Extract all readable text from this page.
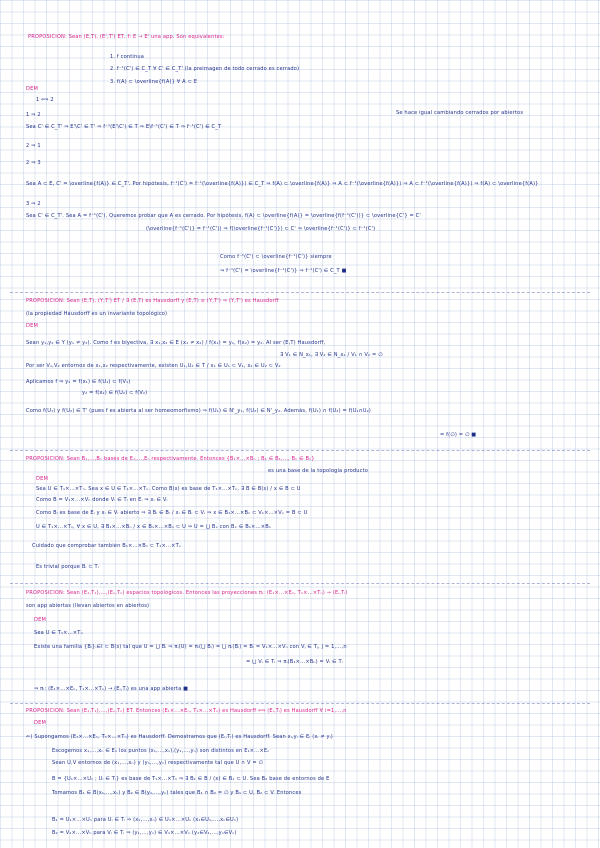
PROPOSICIÓN: Sean (E,T), (E',T') ET, f: E → E' una app. Son equivalentes:
1. f continua
2. f⁻¹(C') ∈ C_T ∀ C' ∈ C_T' (la preimagen de todo cerrado es cerrado)
3. f(Ā) ⊂ \overline{f(A)} ∀ A ⊂ E
DEM
1 ⟺ 2
1 ⇒ 2
Sea C' ∈ C_T' ⇒ E'\C' ∈ T' ⇒ f⁻¹(E'\C') ∈ T ⇒ E\f⁻¹(C') ∈ T ⇒ f⁻¹(C') ∈ C_T
2 ⇒ 1
Se hace igual cambiando cerrados por abiertos
2 ⇒ 3
Sea A ⊂ E, C' = \overline{f(A)} ∈ C_T'. Por hipótesis, f⁻¹(C') = f⁻¹(\overline{f(A)}) ∈ C_T ⇒ f(A) ⊂ \overline{f(A)} ⇒ A ⊂ f⁻¹(\overline{f(A)}) ⇒ Ā ⊂ f⁻¹(\overline{f(A)}) ⇒ f(Ā) ⊂ \overline{f(A)}
3 ⇒ 2
Sea C' ∈ C_T'. Sea A = f⁻¹(C'). Queremos probar que A es cerrado. Por hipótesis, f(Ā) ⊂ \overline{f(A)} = \overline{f(f⁻¹(C'))} ⊂ \overline{C'} = C'
(\overline{f⁻¹(C')} = f⁻¹(C')) ⇒ f(\overline{f⁻¹(C')}) ⊂ C' ⇒ \overline{f⁻¹(C')} ⊂ f⁻¹(C')
Como f⁻¹(C') ⊂ \overline{f⁻¹(C')} siempre
⇒ f⁻¹(C') = \overline{f⁻¹(C')} ⇒ f⁻¹(C') ∈ C_T ■
PROPOSICIÓN: Sean (E,T), (Y,T') ET / ∃ (E,T) es Hausdorff y (E,T) ≅ (Y,T') ⇒ (Y,T') es Hausdorff
(la propiedad Hausdorff es un invariante topológico)
DEM
Sean y₁,y₂ ∈ Y (y₁ ≠ y₂). Como f es biyectiva, ∃ x₁,x₂ ∈ E (x₁ ≠ x₂) / f(x₁) = y₁, f(x₂) = y₂. Al ser (E,T) Hausdorff,
∃ V₁ ∈ N_x₁, ∃ V₂ ∈ N_x₂ / V₁ ∩ V₂ = ∅
Por ser V₁,V₂ entornos de x₁,x₂ respectivamente, existen U₁,U₂ ∈ T / x₁ ∈ U₁ ⊂ V₁, x₂ ∈ U₂ ⊂ V₂
Aplicamos f ⇒ y₁ = f(x₁) ∈ f(U₁) ⊂ f(V₁)
y₂ = f(x₂) ∈ f(U₂) ⊂ f(V₂)
Como f(U₁) y f(U₂) ∈ T' (pues f es abierta al ser homeomorfismo) ⇒ f(U₁) ∈ N'_y₁, f(U₂) ∈ N'_y₂. Además, f(U₁) ∩ f(U₂) = f(U₁∩U₂)
= f(∅) = ∅ ■
PROPOSICIÓN: Sean B₁,...,Bₙ bases de E₁,...,Eₙ respectivamente. Entonces {B₁×...×Bₙ ; B₁ ∈ B₁,..., Bₙ ∈ Bₙ}
es una base de la topología producto
DEM
Sea U ∈ T₁×...×Tₙ. Sea x ∈ U ∈ T₁×...×Tₙ. Como B(s) es base de T₁×...×Tₙ, ∃ B ∈ B(s) / x ∈ B ⊂ U
Como B = V₁×...×Vₙ donde Vᵢ ∈ Tᵢ en Eᵢ ⇒ xᵢ ∈ Vᵢ
Como Bᵢ es base de Eᵢ y xᵢ ∈ Vᵢ abierto ⇒ ∃ Bᵢ ∈ Bᵢ / xᵢ ∈ Bᵢ ⊂ Vᵢ ⇒ x ∈ B₁×...×Bₙ ⊂ V₁×...×Vₙ = B ⊂ U
U ∈ T₁×...×Tₙ, ∀ x ∈ U, ∃ B₁×...×Bₙ / x ∈ B₁×...×Bₙ ⊂ U ⇒ U = ⋃ Bₓ con Bₓ ∈ B₁×...×Bₙ
Cuidado que comprobar también B₁×...×Bₙ ⊂ T₁×...×Tₙ
Es trivial porque Bᵢ ⊂ Tᵢ
PROPOSICIÓN: Sean (E₁,T₁),...,(Eₙ,Tₙ) espacios topológicos. Entonces las proyecciones πᵢ: (E₁×...×Eₙ, T₁×...×Tₙ) → (Eᵢ,Tᵢ)
son app abiertas (llevan abiertos en abiertos)
DEM
Sea U ∈ T₁×...×Tₙ
Existe una familia {Bᵢ}ᵢ∈I ⊂ B(s) tal que U = ⋃ Bᵢ ⇒ πᵢ(U) = πᵢ(⋃ Bᵢ) = ⋃ πᵢ(Bᵢ) = Bᵢ = V₁×...×Vₙ con Vⱼ ∈ Tⱼ, j = 1,...,n
= ⋃ Vᵢ ∈ Tᵢ ⇒ πᵢ(B₁×...×Bₙ) = Vᵢ ∈ Tᵢ
⇒ πᵢ: (E₁×...×Eₙ, T₁×...×Tₙ) → (Eᵢ,Tᵢ) es una app abierta ■
PROPOSICIÓN: Sean (E₁,T₁),...,(Eₙ,Tₙ) ET. Entonces (E₁×...×Eₙ, T₁×...×Tₙ) es Hausdorff ⟺ (Eᵢ,Tᵢ) es Hausdorff ∀ i=1,...,n
DEM
⇐) Supongamos (E₁×...×Eₙ, T₁×...×Tₙ) es Hausdorff. Demostramos que (Eᵢ,Tᵢ) es Hausdorff. Sean xᵢ,yᵢ ∈ Eᵢ (xᵢ ≠ yᵢ)
Escogemos x₁,...,xₙ ∈ E₁ los puntos (x₁,...,xₙ),(y₁,...,yₙ) son distintos en E₁×...×Eₙ
Sean U,V entornos de (x₁,...,xₙ) y (y₁,...,yₙ) respectivamente tal que U ∩ V = ∅
B = {U₁×...×Uₙ ; Uᵢ ∈ Tᵢ} es base de T₁×...×Tₙ ⇒ ∃ B₁ ∈ B / (x) ∈ B₁ ⊂ U. Sea B₂ base de entornos de E
Tomamos B₁ ∈ B(x₁,...,xₙ) y B₂ ∈ B(y₁,...,yₙ) tales que B₁ ∩ B₂ = ∅ y B₁ ⊂ U, B₂ ⊂ V. Entonces
B₁ = U₁×...×Uₙ para Uᵢ ∈ Tᵢ ⇒ (x₁,...,xₙ) ∈ U₁×...×Uₙ (x₁∈U₁,...,xₙ∈Uₙ)
B₂ = V₁×...×Vₙ para Vᵢ ∈ Tᵢ ⇒ (y₁,...,yₙ) ∈ V₁×...×Vₙ (y₁∈V₁,...,yₙ∈Vₙ)
